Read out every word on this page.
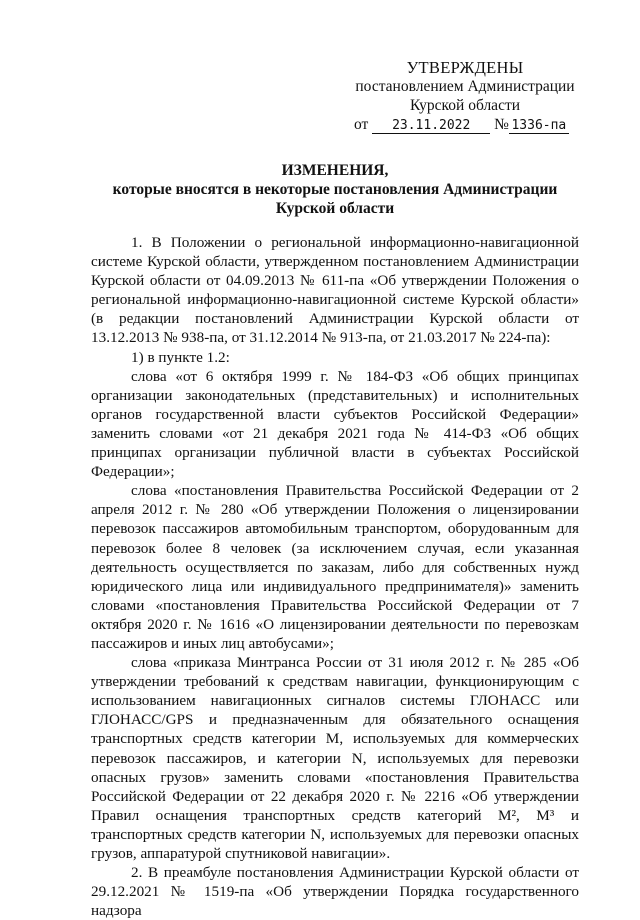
УТВЕРЖДЕНЫ
постановлением Администрации
Курской области
от 23.11.2022 № 1336-па
ИЗМЕНЕНИЯ,
которые вносятся в некоторые постановления Администрации Курской области

1. В Положении о региональной информационно-навигационной системе Курской области, утвержденном постановлением Администрации Курской области от 04.09.2013 № 611-па «Об утверждении Положения о региональной информационно-навигационной системе Курской области» (в редакции постановлений Администрации Курской области от 13.12.2013 № 938-па, от 31.12.2014 № 913-па, от 21.03.2017 № 224-па):

1) в пункте 1.2:

слова «от 6 октября 1999 г. № 184-ФЗ «Об общих принципах организации законодательных (представительных) и исполнительных органов государственной власти субъектов Российской Федерации» заменить словами «от 21 декабря 2021 года № 414-ФЗ «Об общих принципах организации публичной власти в субъектах Российской Федерации»;

слова «постановления Правительства Российской Федерации от 2 апреля 2012 г. № 280 «Об утверждении Положения о лицензировании перевозок пассажиров автомобильным транспортом, оборудованным для перевозок более 8 человек (за исключением случая, если указанная деятельность осуществляется по заказам, либо для собственных нужд юридического лица или индивидуального предпринимателя)» заменить словами «постановления Правительства Российской Федерации от 7 октября 2020 г. № 1616 «О лицензировании деятельности по перевозкам пассажиров и иных лиц автобусами»;

слова «приказа Минтранса России от 31 июля 2012 г. № 285 «Об утверждении требований к средствам навигации, функционирующим с использованием навигационных сигналов системы ГЛОНАСС или ГЛОНАСС/GPS и предназначенным для обязательного оснащения транспортных средств категории М, используемых для коммерческих перевозок пассажиров, и категории N, используемых для перевозки опасных грузов» заменить словами «постановления Правительства Российской Федерации от 22 декабря 2020 г. № 2216 «Об утверждении Правил оснащения транспортных средств категорий М², М³ и транспортных средств категории N, используемых для перевозки опасных грузов, аппаратурой спутниковой навигации».

2. В преамбуле постановления Администрации Курской области от 29.12.2021 № 1519-па «Об утверждении Порядка государственного надзора
